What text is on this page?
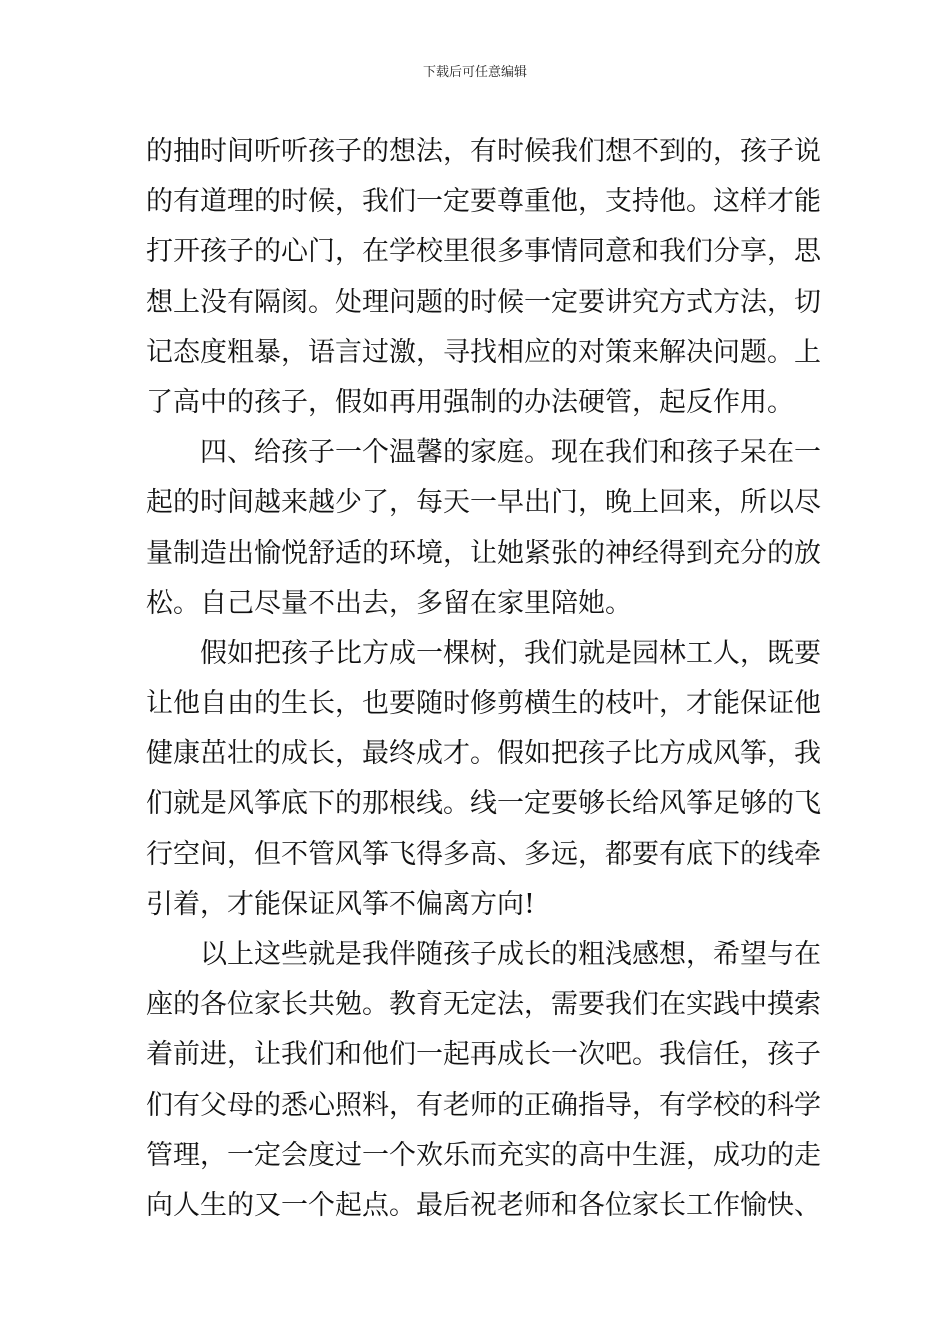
下载后可任意编辑
的抽时间听听孩子的想法，有时候我们想不到的，孩子说
的有道理的时候，我们一定要尊重他，支持他。这样才能
打开孩子的心门，在学校里很多事情同意和我们分享，思
想上没有隔阂。处理问题的时候一定要讲究方式方法，切
记态度粗暴，语言过激，寻找相应的对策来解决问题。上
了高中的孩子，假如再用强制的办法硬管，起反作用。
四、给孩子一个温馨的家庭。现在我们和孩子呆在一
起的时间越来越少了，每天一早出门，晚上回来，所以尽
量制造出愉悦舒适的环境，让她紧张的神经得到充分的放
松。自己尽量不出去，多留在家里陪她。
假如把孩子比方成一棵树，我们就是园林工人，既要
让他自由的生长，也要随时修剪横生的枝叶，才能保证他
健康茁壮的成长，最终成才。假如把孩子比方成风筝，我
们就是风筝底下的那根线。线一定要够长给风筝足够的飞
行空间，但不管风筝飞得多高、多远，都要有底下的线牵
引着，才能保证风筝不偏离方向!
以上这些就是我伴随孩子成长的粗浅感想，希望与在
座的各位家长共勉。教育无定法，需要我们在实践中摸索
着前进，让我们和他们一起再成长一次吧。我信任，孩子
们有父母的悉心照料，有老师的正确指导，有学校的科学
管理，一定会度过一个欢乐而充实的高中生涯，成功的走
向人生的又一个起点。最后祝老师和各位家长工作愉快、
